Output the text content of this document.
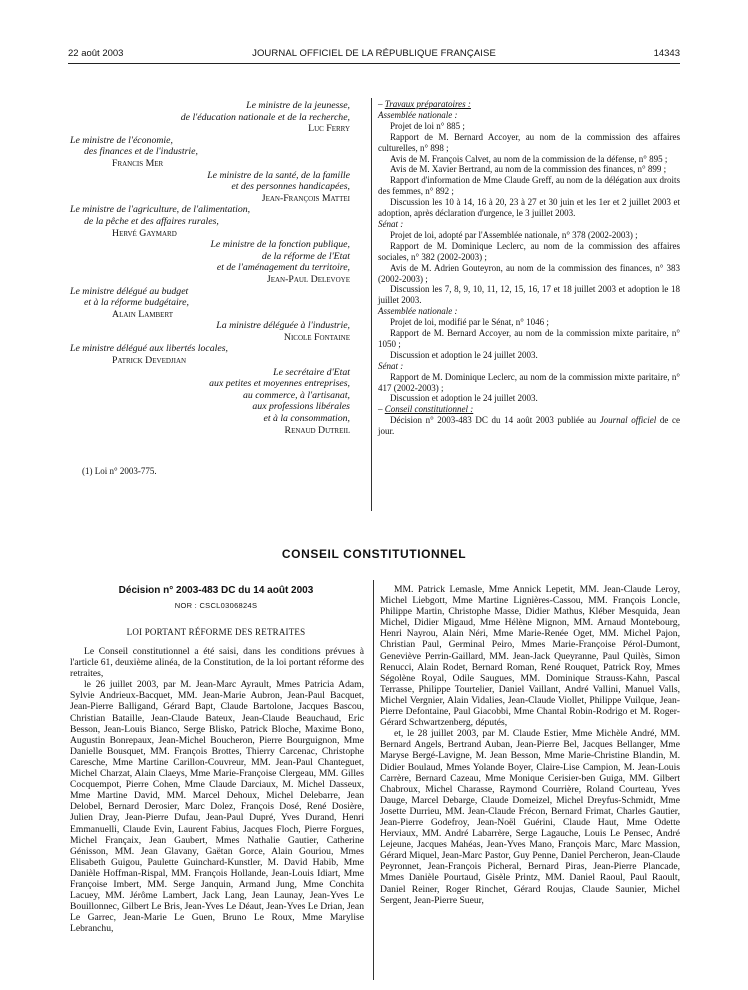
22 août 2003	JOURNAL OFFICIEL DE LA RÉPUBLIQUE FRANÇAISE	14343
Le ministre de la jeunesse,
de l'éducation nationale et de la recherche,
Luc Ferry
Le ministre de l'économie,
des finances et de l'industrie,
Francis Mer
Le ministre de la santé, de la famille
et des personnes handicapées,
Jean-François Mattei
Le ministre de l'agriculture, de l'alimentation,
de la pêche et des affaires rurales,
Hervé Gaymard
Le ministre de la fonction publique,
de la réforme de l'Etat
et de l'aménagement du territoire,
Jean-Paul Delevoye
Le ministre délégué au budget
et à la réforme budgétaire,
Alain Lambert
La ministre déléguée à l'industrie,
Nicole Fontaine
Le ministre délégué aux libertés locales,
Patrick Devedjian
Le secrétaire d'Etat
aux petites et moyennes entreprises,
au commerce, à l'artisanat,
aux professions libérales
et à la consommation,
Renaud Dutreil
(1) Loi n° 2003-775.

– Travaux préparatoires :

Assemblée nationale :

Projet de loi n° 885 ;

Rapport de M. Bernard Accoyer, au nom de la commission des affaires culturelles, n° 898 ;

Avis de M. François Calvet, au nom de la commission de la défense, n° 895 ;

Avis de M. Xavier Bertrand, au nom de la commission des finances, n° 899 ;

Rapport d'information de Mme Claude Greff, au nom de la délégation aux droits des femmes, n° 892 ;

Discussion les 10 à 14, 16 à 20, 23 à 27 et 30 juin et les 1er et 2 juillet 2003 et adoption, après déclaration d'urgence, le 3 juillet 2003.

Sénat :

Projet de loi, adopté par l'Assemblée nationale, n° 378 (2002-2003) ;

Rapport de M. Dominique Leclerc, au nom de la commission des affaires sociales, n° 382 (2002-2003) ;

Avis de M. Adrien Gouteyron, au nom de la commission des finances, n° 383 (2002-2003) ;

Discussion les 7, 8, 9, 10, 11, 12, 15, 16, 17 et 18 juillet 2003 et adoption le 18 juillet 2003.

Assemblée nationale :

Projet de loi, modifié par le Sénat, n° 1046 ;

Rapport de M. Bernard Accoyer, au nom de la commission mixte paritaire, n° 1050 ;

Discussion et adoption le 24 juillet 2003.

Sénat :

Rapport de M. Dominique Leclerc, au nom de la commission mixte paritaire, n° 417 (2002-2003) ;

Discussion et adoption le 24 juillet 2003.

– Conseil constitutionnel :

Décision n° 2003-483 DC du 14 août 2003 publiée au Journal officiel de ce jour.

CONSEIL CONSTITUTIONNEL
Décision n° 2003-483 DC du 14 août 2003
NOR : CSCL0306824S
LOI PORTANT RÉFORME DES RETRAITES

Le Conseil constitutionnel a été saisi, dans les conditions prévues à l'article 61, deuxième alinéa, de la Constitution, de la loi portant réforme des retraites,

le 26 juillet 2003, par M. Jean-Marc Ayrault, Mmes Patricia Adam, Sylvie Andrieux-Bacquet, MM. Jean-Marie Aubron, Jean-Paul Bacquet, Jean-Pierre Balligand, Gérard Bapt, Claude Bartolone, Jacques Bascou, Christian Bataille, Jean-Claude Bateux, Jean-Claude Beauchaud, Eric Besson, Jean-Louis Bianco, Serge Blisko, Patrick Bloche, Maxime Bono, Augustin Bonrepaux, Jean-Michel Boucheron, Pierre Bourguignon, Mme Danielle Bousquet, MM. François Brottes, Thierry Carcenac, Christophe Caresche, Mme Martine Carillon-Couvreur, MM. Jean-Paul Chanteguet, Michel Charzat, Alain Claeys, Mme Marie-Françoise Clergeau, MM. Gilles Cocquempot, Pierre Cohen, Mme Claude Darciaux, M. Michel Dasseux, Mme Martine David, MM. Marcel Dehoux, Michel Delebarre, Jean Delobel, Bernard Derosier, Marc Dolez, François Dosé, René Dosière, Julien Dray, Jean-Pierre Dufau, Jean-Paul Dupré, Yves Durand, Henri Emmanuelli, Claude Evin, Laurent Fabius, Jacques Floch, Pierre Forgues, Michel Françaix, Jean Gaubert, Mmes Nathalie Gautier, Catherine Génisson, MM. Jean Glavany, Gaëtan Gorce, Alain Gouriou, Mmes Elisabeth Guigou, Paulette Guinchard-Kunstler, M. David Habib, Mme Danièle Hoffman-Rispal, MM. François Hollande, Jean-Louis Idiart, Mme Françoise Imbert, MM. Serge Janquin, Armand Jung, Mme Conchita Lacuey, MM. Jérôme Lambert, Jack Lang, Jean Launay, Jean-Yves Le Bouillonnec, Gilbert Le Bris, Jean-Yves Le Déaut, Jean-Yves Le Drian, Jean Le Garrec, Jean-Marie Le Guen, Bruno Le Roux, Mme Marylise Lebranchu,

MM. Patrick Lemasle, Mme Annick Lepetit, MM. Jean-Claude Leroy, Michel Liebgott, Mme Martine Lignières-Cassou, MM. François Loncle, Philippe Martin, Christophe Masse, Didier Mathus, Kléber Mesquida, Jean Michel, Didier Migaud, Mme Hélène Mignon, MM. Arnaud Montebourg, Henri Nayrou, Alain Néri, Mme Marie-Renée Oget, MM. Michel Pajon, Christian Paul, Germinal Peiro, Mmes Marie-Françoise Pérol-Dumont, Geneviève Perrin-Gaillard, MM. Jean-Jack Queyranne, Paul Quilès, Simon Renucci, Alain Rodet, Bernard Roman, René Rouquet, Patrick Roy, Mmes Ségolène Royal, Odile Saugues, MM. Dominique Strauss-Kahn, Pascal Terrasse, Philippe Tourtelier, Daniel Vaillant, André Vallini, Manuel Valls, Michel Vergnier, Alain Vidalies, Jean-Claude Viollet, Philippe Vuilque, Jean-Pierre Defontaine, Paul Giacobbi, Mme Chantal Robin-Rodrigo et M. Roger-Gérard Schwartzenberg, députés,

et, le 28 juillet 2003, par M. Claude Estier, Mme Michèle André, MM. Bernard Angels, Bertrand Auban, Jean-Pierre Bel, Jacques Bellanger, Mme Maryse Bergé-Lavigne, M. Jean Besson, Mme Marie-Christine Blandin, M. Didier Boulaud, Mmes Yolande Boyer, Claire-Lise Campion, M. Jean-Louis Carrère, Bernard Cazeau, Mme Monique Cerisier-ben Guiga, MM. Gilbert Chabroux, Michel Charasse, Raymond Courrière, Roland Courteau, Yves Dauge, Marcel Debarge, Claude Domeizel, Michel Dreyfus-Schmidt, Mme Josette Durrieu, MM. Jean-Claude Frécon, Bernard Frimat, Charles Gautier, Jean-Pierre Godefroy, Jean-Noël Guérini, Claude Haut, Mme Odette Herviaux, MM. André Labarrère, Serge Lagauche, Louis Le Pensec, André Lejeune, Jacques Mahéas, Jean-Yves Mano, François Marc, Marc Massion, Gérard Miquel, Jean-Marc Pastor, Guy Penne, Daniel Percheron, Jean-Claude Peyronnet, Jean-François Picheral, Bernard Piras, Jean-Pierre Plancade, Mmes Danièle Pourtaud, Gisèle Printz, MM. Daniel Raoul, Paul Raoult, Daniel Reiner, Roger Rinchet, Gérard Roujas, Claude Saunier, Michel Sergent, Jean-Pierre Sueur,
